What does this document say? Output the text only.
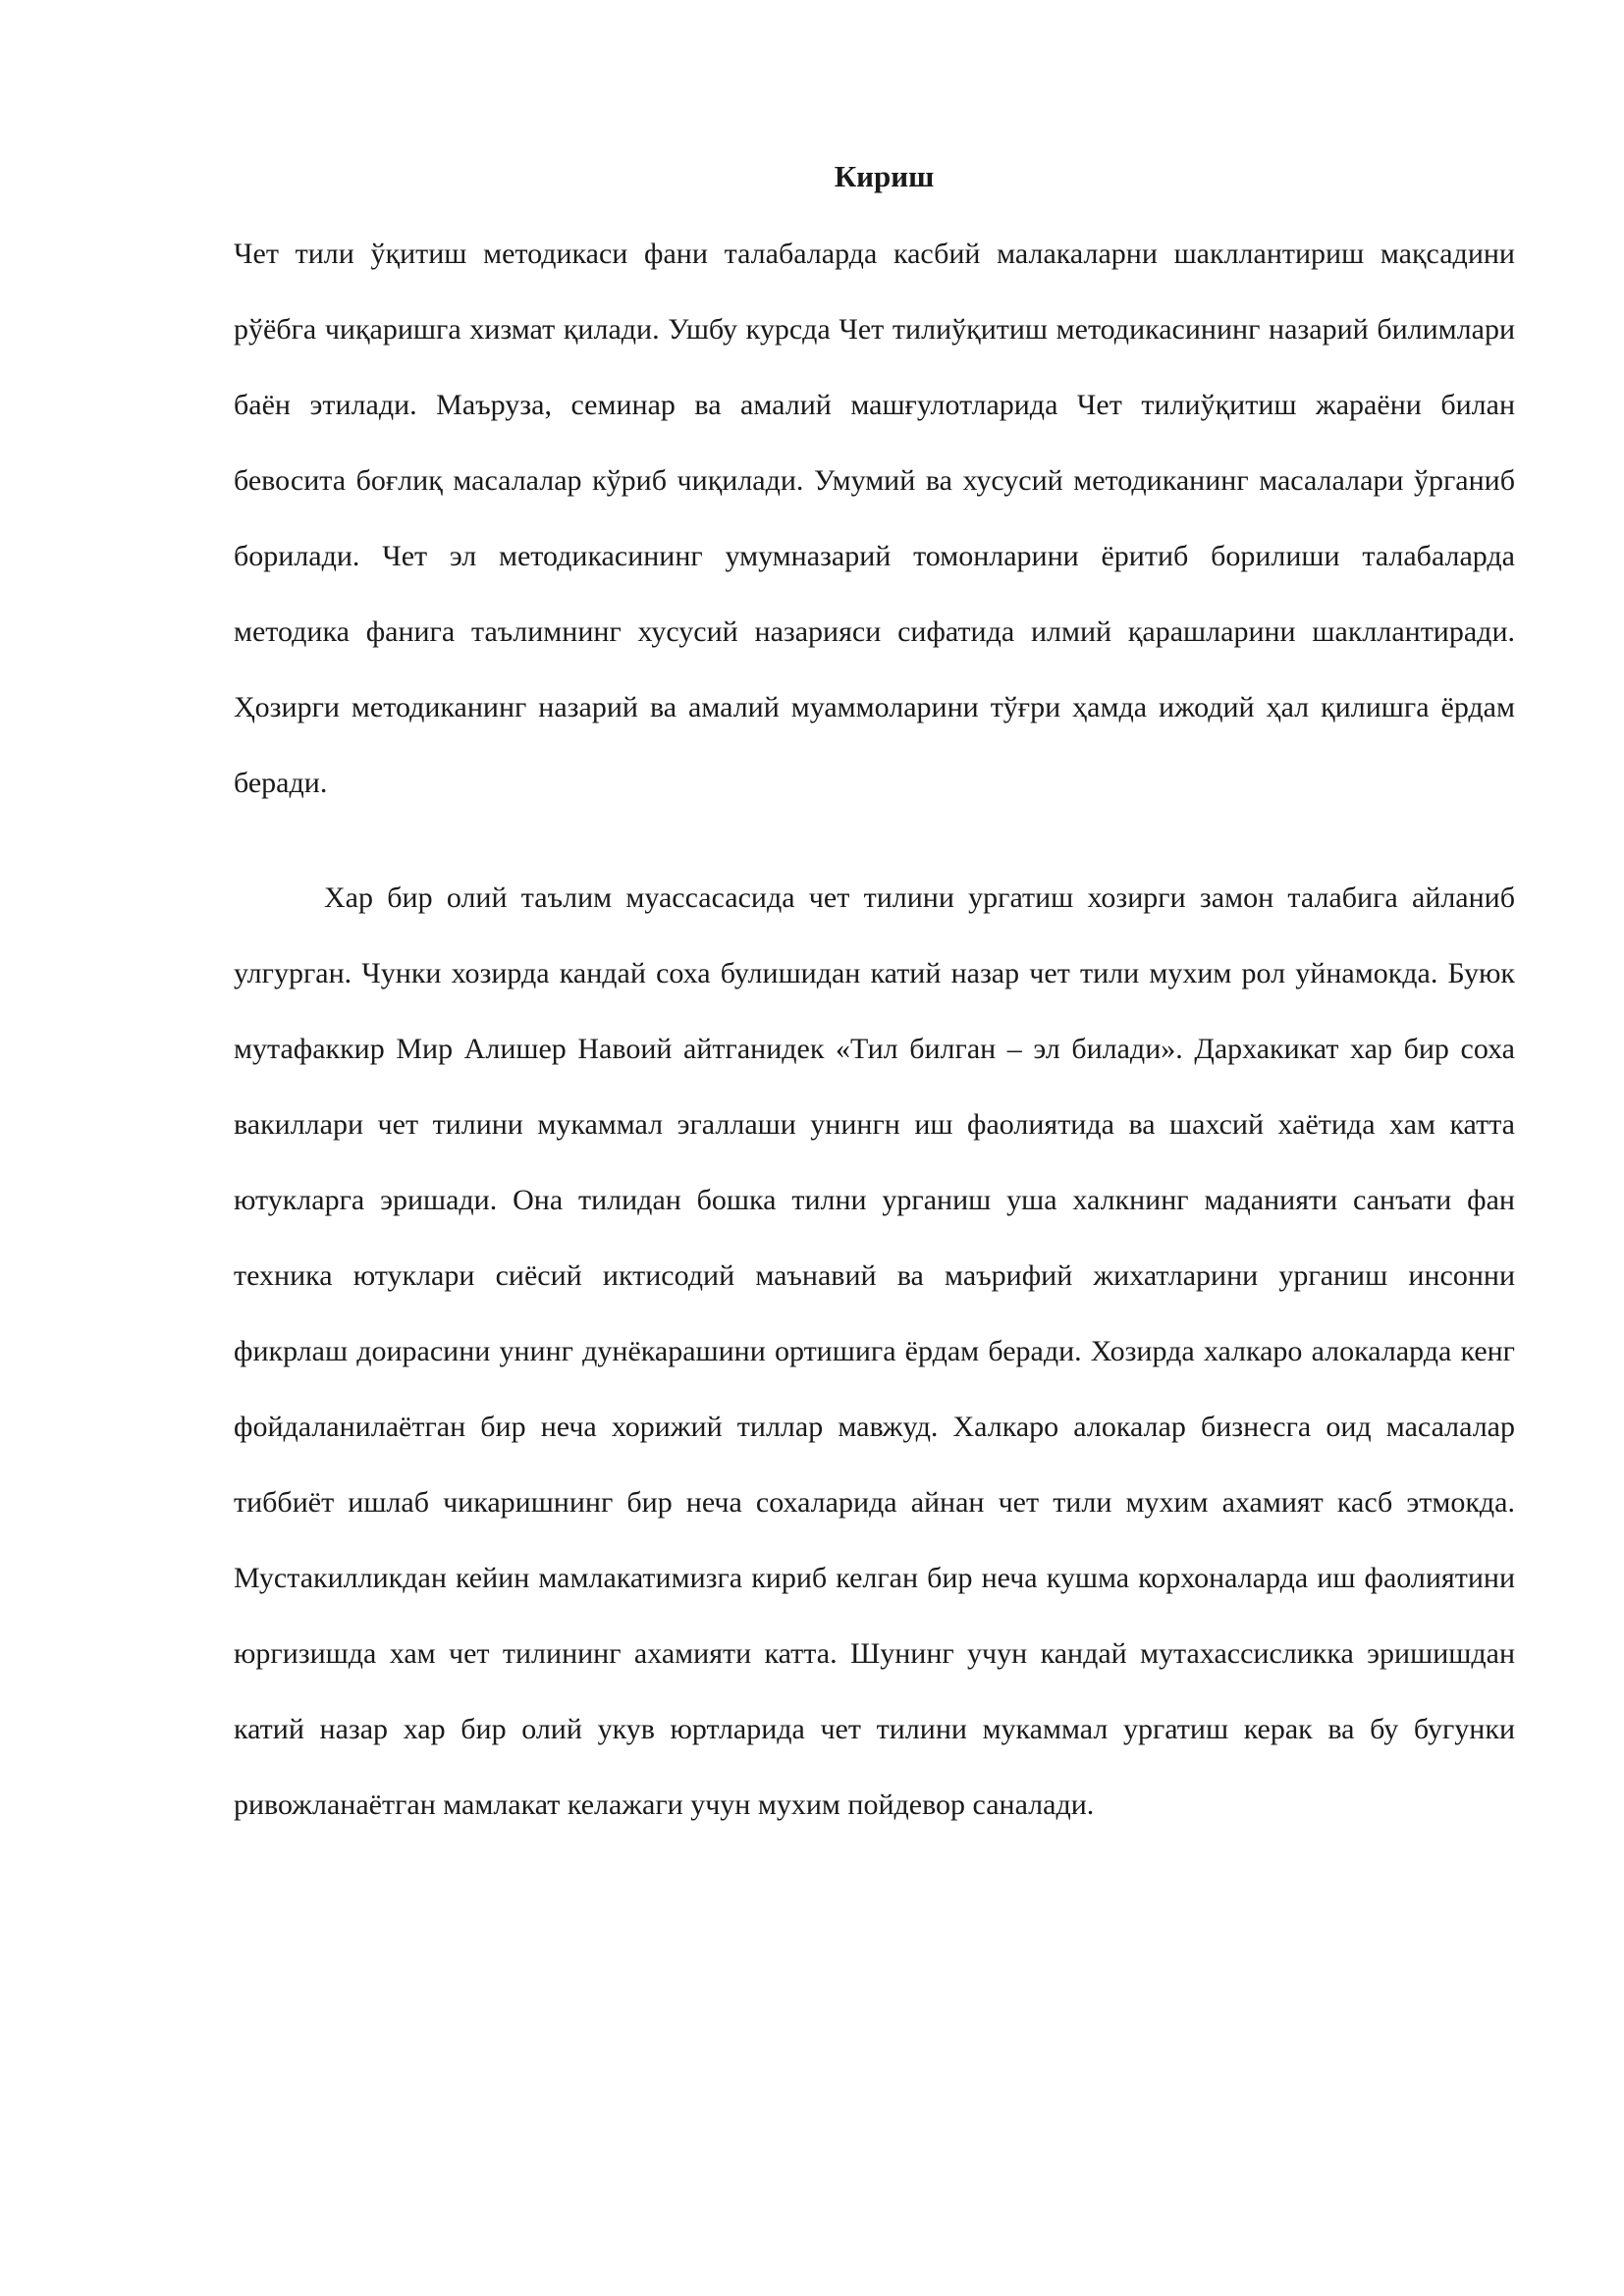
Кириш

Чет тили ўқитиш методикаси фани талабаларда касбий малакаларни шакллантириш мақсадини рўёбга чиқаришга хизмат қилади. Ушбу курсда Чет тилиўқитиш методикасининг назарий билимлари баён этилади. Маъруза, семинар ва амалий машғулотларида Чет тилиўқитиш жараёни билан бевосита боғлиқ масалалар кўриб чиқилади. Умумий ва хусусий методиканинг масалалари ўрганиб борилади. Чет эл методикасининг умумназарий томонларини ёритиб борилиши талабаларда методика фанига таълимнинг хусусий назарияси сифатида илмий қарашларини шакллантиради. Ҳозирги методиканинг назарий ва амалий муаммоларини тўғри ҳамда ижодий ҳал қилишга ёрдам беради.

Хар бир олий таълим муассасасида чет тилини ургатиш хозирги замон талабига айланиб улгурган. Чунки хозирда кандай соха булишидан катий назар чет тили мухим рол уйнамокда. Буюк мутафаккир Мир Алишер Навоий айтганидек «Тил билган – эл билади». Дархакикат хар бир соха вакиллари чет тилини мукаммал эгаллаши унингн иш фаолиятида ва шахсий хаётида хам катта ютукларга эришади. Она тилидан бошка тилни урганиш уша халкнинг маданияти санъати фан техника ютуклари сиёсий иктисодий маънавий ва маърифий жихатларини урганиш инсонни фикрлаш доирасини унинг дунёкарашини ортишига ёрдам беради. Хозирда халкаро алокаларда кенг фойдаланилаётган бир неча хорижий тиллар мавжуд. Халкаро алокалар бизнесга оид масалалар тиббиёт ишлаб чикаришнинг бир неча сохаларида айнан чет тили мухим ахамият касб этмокда. Мустакилликдан кейин мамлакатимизга кириб келган бир неча кушма корхоналарда иш фаолиятини юргизишда хам чет тилининг ахамияти катта. Шунинг учун кандай мутахассисликка эришишдан катий назар хар бир олий укув юртларида чет тилини мукаммал ургатиш керак ва бу бугунки ривожланаётган мамлакат келажаги учун мухим пойдевор саналади.
